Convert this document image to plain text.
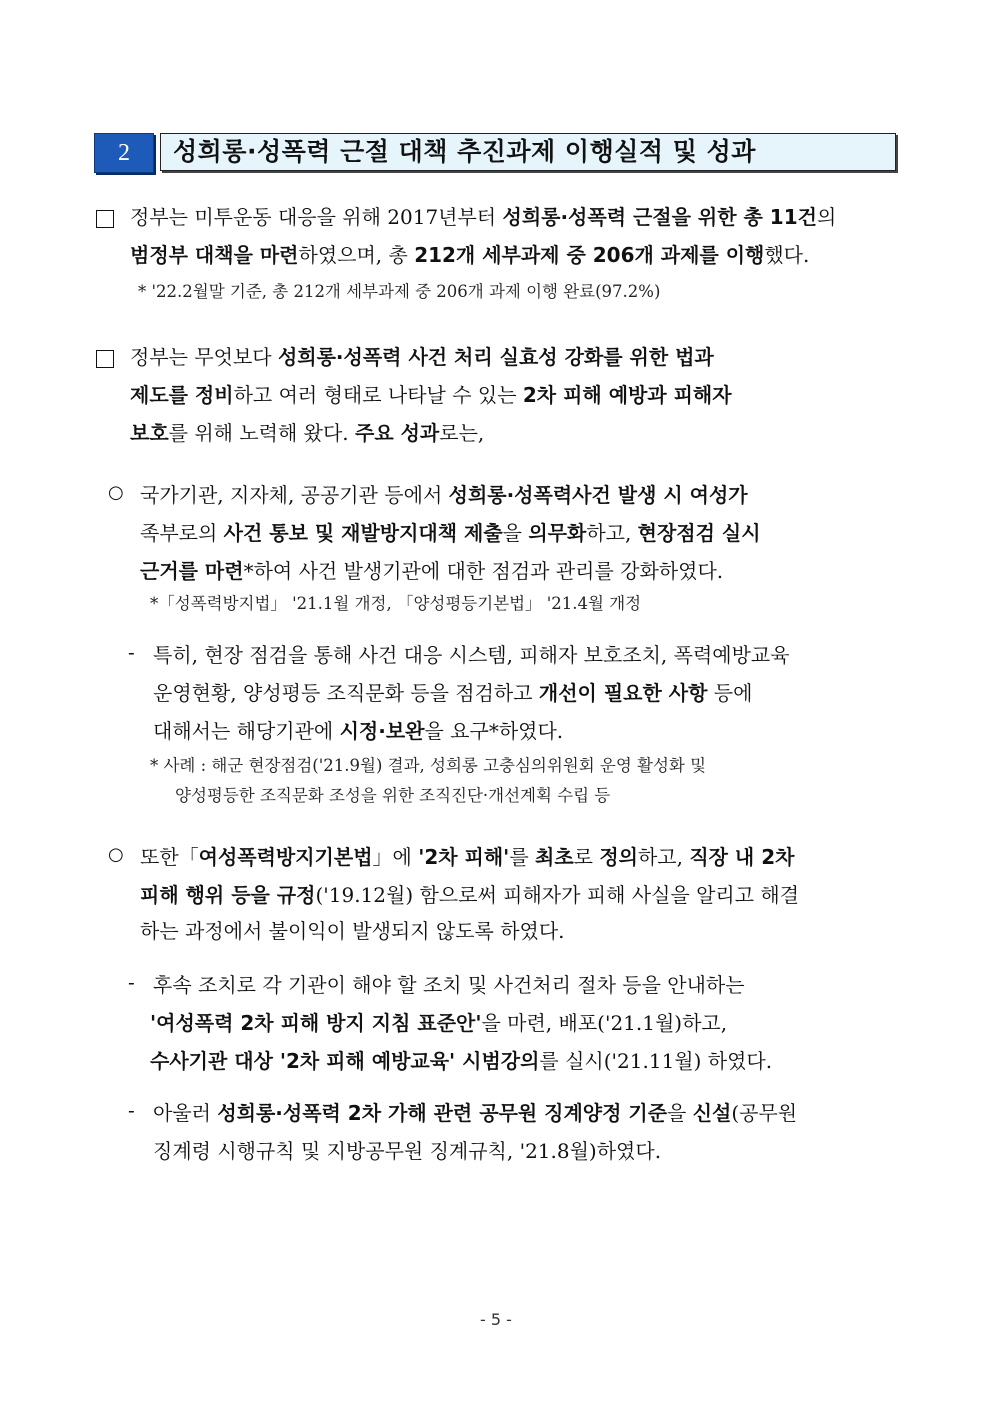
2	성희롱·성폭력 근절 대책 추진과제 이행실적 및 성과
정부는 미투운동 대응을 위해 2017년부터 성희롱·성폭력 근절을 위한 총 11건의
범정부 대책을 마련하였으며, 총 212개 세부과제 중 206개 과제를 이행했다.
* '22.2월말 기준, 총 212개 세부과제 중 206개 과제 이행 완료(97.2%)
정부는 무엇보다 성희롱·성폭력 사건 처리 실효성 강화를 위한 법과
제도를 정비하고 여러 형태로 나타날 수 있는 2차 피해 예방과 피해자
보호를 위해 노력해 왔다. 주요 성과로는,
○ 국가기관, 지자체, 공공기관 등에서 성희롱·성폭력사건 발생 시 여성가
족부로의 사건 통보 및 재발방지대책 제출을 의무화하고, 현장점검 실시
근거를 마련*하여 사건 발생기관에 대한 점검과 관리를 강화하였다.
*「성폭력방지법」 '21.1월 개정, 「양성평등기본법」 '21.4월 개정
- 특히, 현장 점검을 통해 사건 대응 시스템, 피해자 보호조치, 폭력예방교육
운영현황, 양성평등 조직문화 등을 점검하고 개선이 필요한 사항 등에
대해서는 해당기관에 시정·보완을 요구*하였다.
* 사례 : 해군 현장점검('21.9월) 결과, 성희롱 고충심의위원회 운영 활성화 및
양성평등한 조직문화 조성을 위한 조직진단·개선계획 수립 등
○ 또한「여성폭력방지기본법」에 '2차 피해'를 최초로 정의하고, 직장 내 2차
피해 행위 등을 규정('19.12월) 함으로써 피해자가 피해 사실을 알리고 해결
하는 과정에서 불이익이 발생되지 않도록 하였다.
- 후속 조치로 각 기관이 해야 할 조치 및 사건처리 절차 등을 안내하는
'여성폭력 2차 피해 방지 지침 표준안'을 마련, 배포('21.1월)하고,
수사기관 대상 '2차 피해 예방교육' 시범강의를 실시('21.11월) 하였다.
- 아울러 성희롱·성폭력 2차 가해 관련 공무원 징계양정 기준을 신설(공무원
징계령 시행규칙 및 지방공무원 징계규칙, '21.8월)하였다.
- 5 -
